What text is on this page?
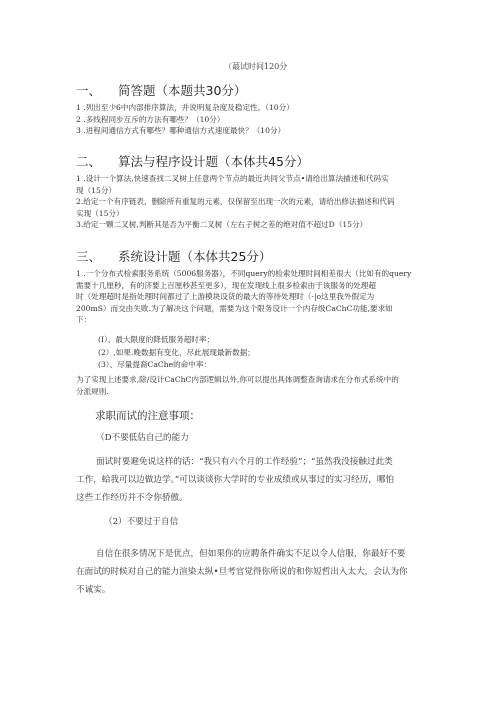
（蕞试时间120分
一、 简答题（本题共30分）
1 .列出至少6中内部排序算法，并说明复杂度及稳定性。（10分）
2 .多线程同步互斥的方法有哪些？（10分）
3 .进程间通信方式有哪些？哪种通信方式速度最快？（10分）
二、 算法与程序设计题（本体共45分）
1 .设计一个算法,快速查找二叉树上任意两个节点的最近共同父节点•请给出算法描述和代码实
现（15分）
2.给定一个有序链表，删除所有重复的元素，仅保留至出现一次的元素，请给出修法描述和代码
实现（15分）
3.给定一颗二叉树,判断其是否为平衡二叉树（左右子树之差的绝对值不超过D（15分）
三、 系统设计题（本体共25分）
1 .一个分布式检索服务系统（5006服务器），不同query的检索处理时间相差很大（比如有的query
需要十几厘秒，有的济要上百厘秒甚至更多），现在发现线上很多检索由于该服务的处理超
时（处理超时是指处理时间都过了上游模块设货的最大的等待处理时（-|o这里我外假定为
200mS）而交由失败.为了解决这个问题，需要为这个限务设计一个内存级CaChC功能,要求如
下：
(I）、最大限度的降低服务超时率；
(2）,如果.晚数据有变化，尽此展现最新数据；
(3）、尽量提裔CaChe的命中率：
为了实现上述要求,除/设计CaChC内部逻辑以外,你可以提出具体调整查询请求在分布式系统中的
分派规则.
求职而试的注意事项：
（D不要低估自己的能力
面试时要避免说这样的话：“我只有六个月的工作经验”；“虽然我没接触过此类
工作，蛤我可以边做边学。”可以谈谈你大学时的专业成绩或从事过的实习经历，哪怕
这些工作经历并不令你骄傲。
（2）不要过于自信
自信在很多情况下是优点，但如果你的应聘条件确实不足以令人信服，你最好不要
在面试的时候对自己的能力渲染太纵•旦考官觉得你所说的和你短哲出入太大，会认为你
不诚实。
